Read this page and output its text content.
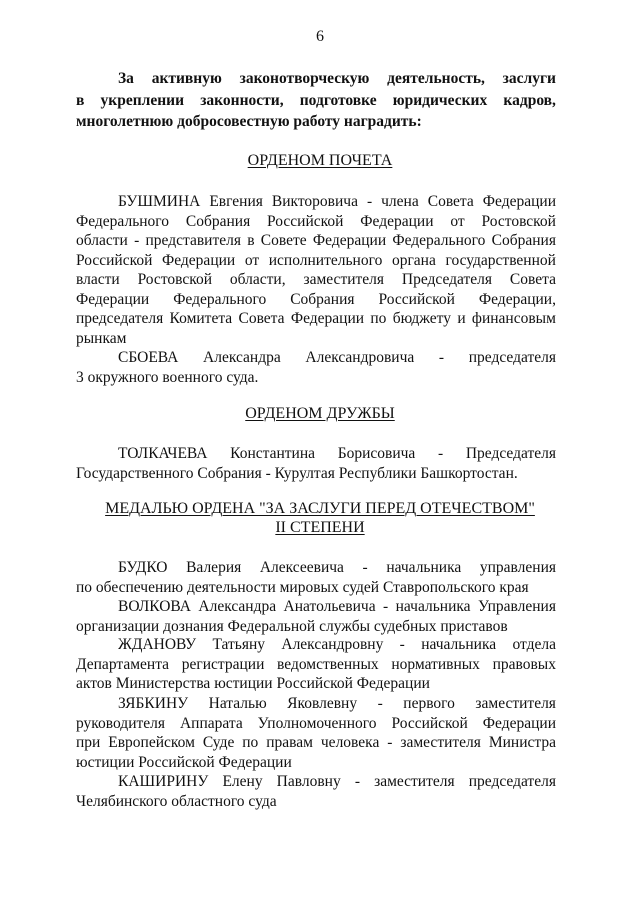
6
За активную законотворческую деятельность, заслуги
в укреплении законности, подготовке юридических кадров,
многолетнюю добросовестную работу наградить:
ОРДЕНОМ ПОЧЕТА
БУШМИНА Евгения Викторовича - члена Совета Федерации
Федерального Собрания Российской Федерации от Ростовской
области - представителя в Совете Федерации Федерального Собрания
Российской Федерации от исполнительного органа государственной
власти Ростовской области, заместителя Председателя Совета
Федерации Федерального Собрания Российской Федерации,
председателя Комитета Совета Федерации по бюджету и финансовым
рынкам
СБОЕВА Александра Александровича - председателя
3 окружного военного суда.
ОРДЕНОМ ДРУЖБЫ
ТОЛКАЧЕВА Константина Борисовича - Председателя
Государственного Собрания - Курултая Республики Башкортостан.
МЕДАЛЬЮ ОРДЕНА "ЗА ЗАСЛУГИ ПЕРЕД ОТЕЧЕСТВОМ"
II СТЕПЕНИ
БУДКО Валерия Алексеевича - начальника управления
по обеспечению деятельности мировых судей Ставропольского края
ВОЛКОВА Александра Анатольевича - начальника Управления
организации дознания Федеральной службы судебных приставов
ЖДАНОВУ Татьяну Александровну - начальника отдела
Департамента регистрации ведомственных нормативных правовых
актов Министерства юстиции Российской Федерации
ЗЯБКИНУ Наталью Яковлевну - первого заместителя
руководителя Аппарата Уполномоченного Российской Федерации
при Европейском Суде по правам человека - заместителя Министра
юстиции Российской Федерации
КАШИРИНУ Елену Павловну - заместителя председателя
Челябинского областного суда
